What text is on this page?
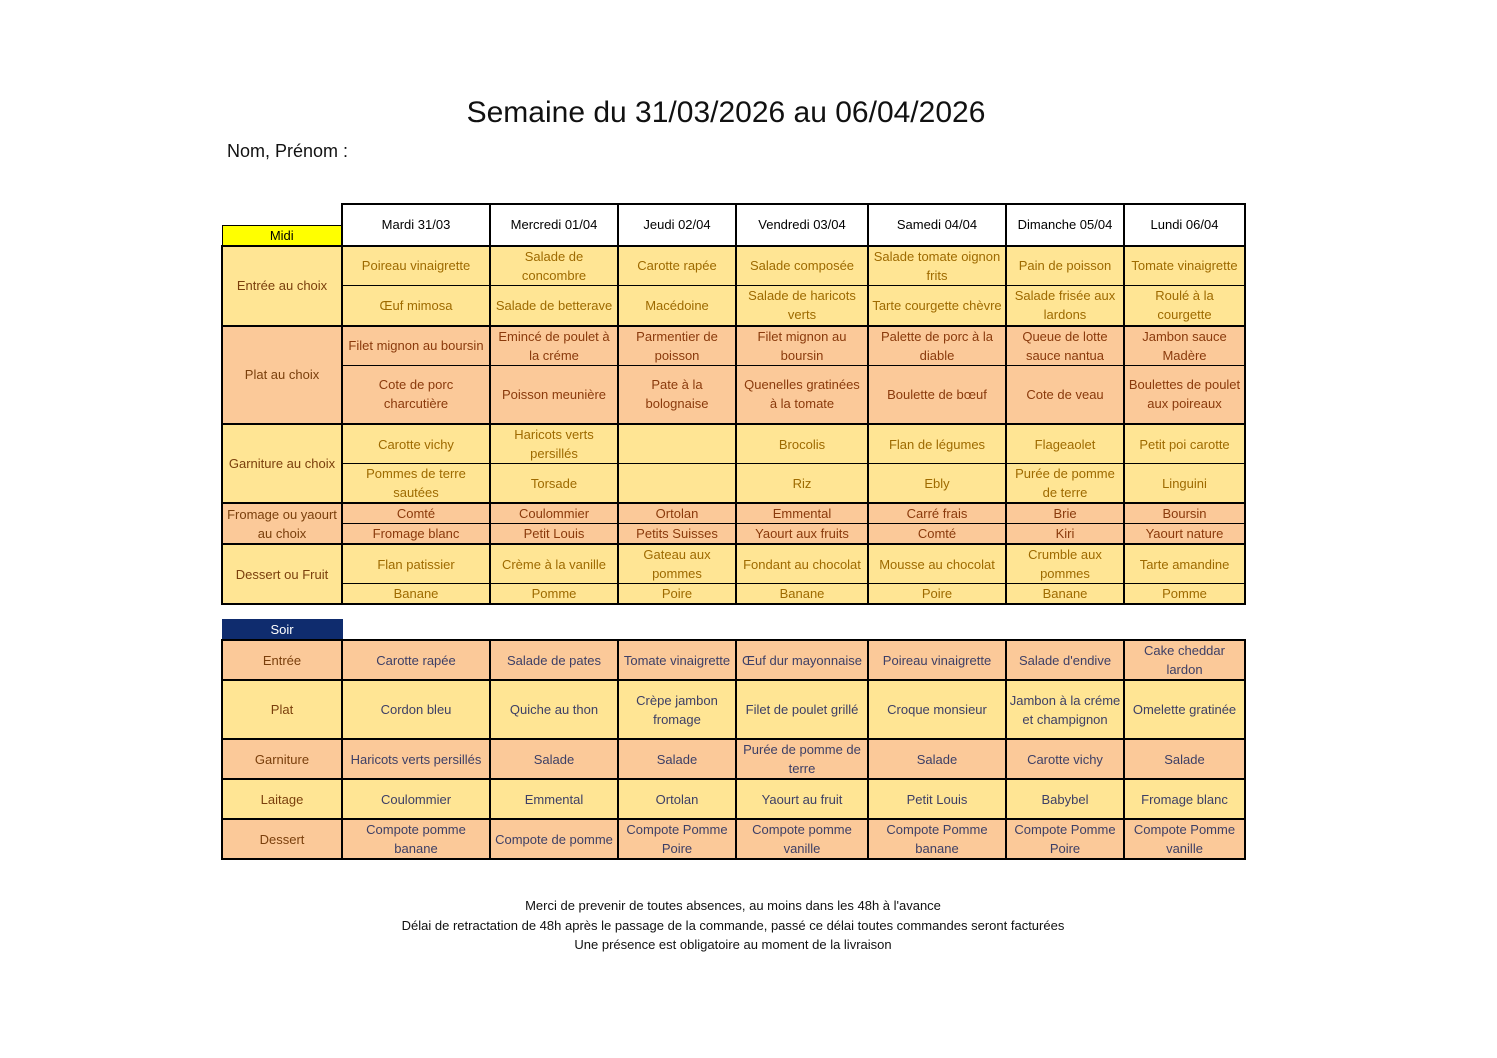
Semaine du 31/03/2026 au 06/04/2026
Nom, Prénom :
	Mardi 31/03	Mercredi 01/04	Jeudi 02/04	Vendredi 03/04	Samedi 04/04	Dimanche 05/04	Lundi 06/04
Midi							
Entrée au choix	Poireau vinaigrette	Salade de concombre	Carotte rapée	Salade composée	Salade tomate oignon frits	Pain de poisson	Tomate vinaigrette
	Œuf mimosa	Salade de betterave	Macédoine	Salade de haricots verts	Tarte courgette chèvre	Salade frisée aux lardons	Roulé à la courgette
Plat au choix	Filet mignon au boursin	Emincé de poulet à la créme	Parmentier de poisson	Filet mignon au boursin	Palette de porc à la diable	Queue de lotte sauce nantua	Jambon sauce Madère
	Cote de porc charcutière	Poisson meunière	Pate à la bolognaise	Quenelles gratinées à la tomate	Boulette de bœuf	Cote de veau	Boulettes de poulet aux poireaux
Garniture au choix	Carotte vichy	Haricots verts persillés		Brocolis	Flan de légumes	Flageaolet	Petit poi carotte
	Pommes de terre sautées	Torsade		Riz	Ebly	Purée de pomme de terre	Linguini
Fromage ou yaourt au choix	Comté	Coulommier	Ortolan	Emmental	Carré frais	Brie	Boursin
	Fromage blanc	Petit Louis	Petits Suisses	Yaourt aux fruits	Comté	Kiri	Yaourt nature
Dessert ou Fruit	Flan patissier	Crème à la vanille	Gateau aux pommes	Fondant au chocolat	Mousse au chocolat	Crumble aux pommes	Tarte amandine
	Banane	Pomme	Poire	Banane	Poire	Banane	Pomme
Soir							
Entrée	Carotte rapée	Salade de pates	Tomate vinaigrette	Œuf dur mayonnaise	Poireau vinaigrette	Salade d'endive	Cake cheddar lardon
Plat	Cordon bleu	Quiche au thon	Crèpe jambon fromage	Filet de poulet grillé	Croque monsieur	Jambon à la créme et champignon	Omelette gratinée
Garniture	Haricots verts persillés	Salade	Salade	Purée de pomme de terre	Salade	Carotte vichy	Salade
Laitage	Coulommier	Emmental	Ortolan	Yaourt au fruit	Petit Louis	Babybel	Fromage blanc
Dessert	Compote pomme banane	Compote de pomme	Compote Pomme Poire	Compote pomme vanille	Compote Pomme banane	Compote Pomme Poire	Compote Pomme vanille
Merci de prevenir de toutes absences, au moins dans les 48h à l'avance
Délai de retractation de 48h après le passage de la commande, passé ce délai toutes commandes seront facturées
Une présence est obligatoire au moment de la livraison
